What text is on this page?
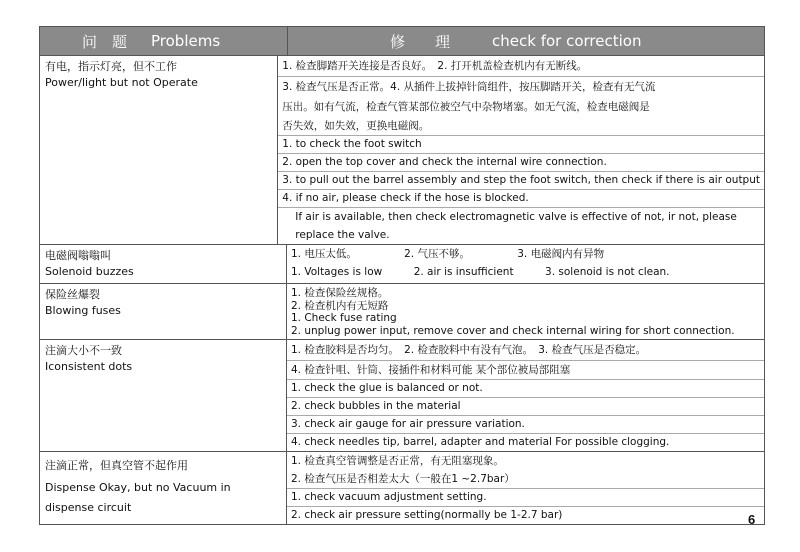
问　题 Problems	修　　理	check for correction
有电，指示灯亮，但不工作
Power/light but not Operate
1. 检查脚踏开关连接是否良好。　2. 打开机盖检查机内有无断线。
3. 检查气压是否正常。4. 从插件上拔掉针筒组件，按压脚踏开关，检查有无气流
压出。如有气流，检查气管某部位被空气中杂物堵塞。如无气流，检查电磁阀是
否失效，如失效，更换电磁阀。
1. to check the foot switch
2. open the top cover and check the internal wire connection.
3. to pull out the barrel assembly and step the foot switch, then check if there is air output
4. if no air, please check if the hose is blocked.
If air is available, then check electromagnetic valve is effective of not, ir not, please
replace the valve.
电磁阀嗡嗡叫
Solenoid buzzes
1. 电压太低。　　　　　2. 气压不够。　　　　　3. 电磁阀内有异物
1. Voltages is low　　　2. air is insufficient　　　3. solenoid is not clean.
保险丝爆裂
Blowing fuses
1. 检查保险丝规格。
2. 检查机内有无短路
1. Check fuse rating
2. unplug power input, remove cover and check internal wiring for short connection.
注滴大小不一致
Iconsistent dots
1. 检查胶料是否均匀。　2. 检查胶料中有没有气泡。　3. 检查气压是否稳定。
4. 检查针咀、针筒、接插件和材料可能 某个部位被局部阻塞
1. check the glue is balanced or not.
2. check bubbles in the material
3. check air gauge for air pressure variation.
4. check needles tip, barrel, adapter and material For possible clogging.
注滴正常，但真空管不起作用
Dispense Okay, but no Vacuum in dispense circuit
1. 检查真空管调整是否正常，有无阻塞现象。
2. 检查气压是否相差太大（一般在1 ~2.7bar）
1. check vacuum adjustment setting.
2. check air pressure setting(normally be 1-2.7 bar)	6
